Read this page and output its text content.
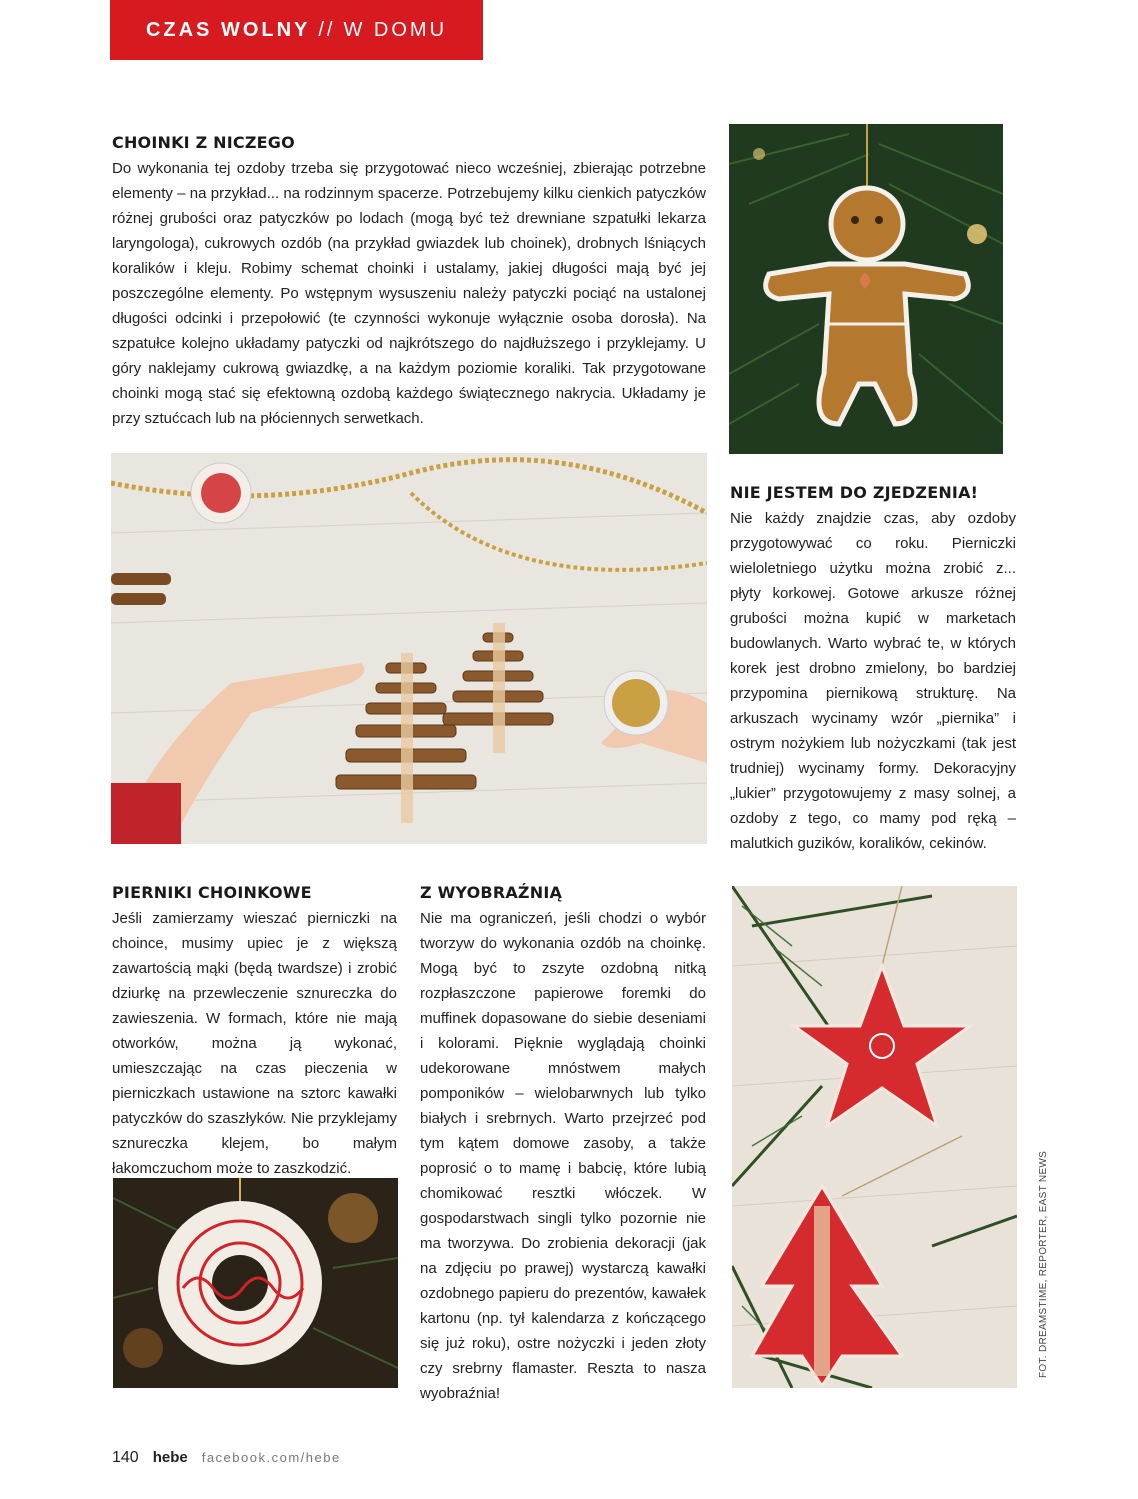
CZAS WOLNY // W DOMU
CHOINKI Z NICZEGO

Do wykonania tej ozdoby trzeba się przygotować nieco wcześniej, zbierając potrzebne elementy – na przykład... na rodzinnym spacerze. Potrzebujemy kilku cienkich patyczków różnej grubości oraz patyczków po lodach (mogą być też drewniane szpatułki lekarza laryngologa), cukrowych ozdób (na przykład gwiazdek lub choinek), drobnych lśniących koralików i kleju. Robimy schemat choinki i ustalamy, jakiej długości mają być jej poszczególne elementy. Po wstępnym wysuszeniu należy patyczki pociąć na ustalonej długości odcinki i przepołowić (te czynności wykonuje wyłącznie osoba dorosła). Na szpatułce kolejno układamy patyczki od najkrótszego do najdłuższego i przyklejamy. U góry naklejamy cukrową gwiazdkę, a na każdym poziomie koraliki. Tak przygotowane choinki mogą stać się efektowną ozdobą każdego świątecznego nakrycia. Układamy je przy sztućcach lub na płóciennych serwetkach.

NIE JESTEM DO ZJEDZENIA!

Nie każdy znajdzie czas, aby ozdoby przygotowywać co roku. Pierniczki wieloletniego użytku można zrobić z... płyty korkowej. Gotowe arkusze różnej grubości można kupić w marketach budowlanych. Warto wybrać te, w których korek jest drobno zmielony, bo bardziej przypomina piernikową strukturę. Na arkuszach wycinamy wzór „piernika” i ostrym nożykiem lub nożyczkami (tak jest trudniej) wycinamy formy. Dekoracyjny „lukier” przygotowujemy z masy solnej, a ozdoby z tego, co mamy pod ręką – malutkich guzików, koralików, cekinów.

PIERNIKI CHOINKOWE

Jeśli zamierzamy wieszać pierniczki na choince, musimy upiec je z większą zawartością mąki (będą twardsze) i zrobić dziurkę na przewleczenie sznureczka do zawieszenia. W formach, które nie mają otworków, można ją wykonać, umieszczając na czas pieczenia w pierniczkach ustawione na sztorc kawałki patyczków do szaszłyków. Nie przyklejamy sznureczka klejem, bo małym łakomczuchom może to zaszkodzić.

Z WYOBRAŹNIĄ

Nie ma ograniczeń, jeśli chodzi o wybór tworzyw do wykonania ozdób na choinkę. Mogą być to zszyte ozdobną nitką rozpłaszczone papierowe foremki do muffinek dopasowane do siebie deseniami i kolorami. Pięknie wyglądają choinki udekorowane mnóstwem małych pomponików – wielobarwnych lub tylko białych i srebrnych. Warto przejrzeć pod tym kątem domowe zasoby, a także poprosić o to mamę i babcię, które lubią chomikować resztki włóczek. W gospodarstwach singli tylko pozornie nie ma tworzywa. Do zrobienia dekoracji (jak na zdjęciu po prawej) wystarczą kawałki ozdobnego papieru do prezentów, kawałek kartonu (np. tył kalendarza z kończącego się już roku), ostre nożyczki i jeden złoty czy srebrny flamaster. Reszta to nasza wyobraźnia!

FOT. DREAMSTIME, REPORTER, EAST NEWS
140 hebe facebook.com/hebe
